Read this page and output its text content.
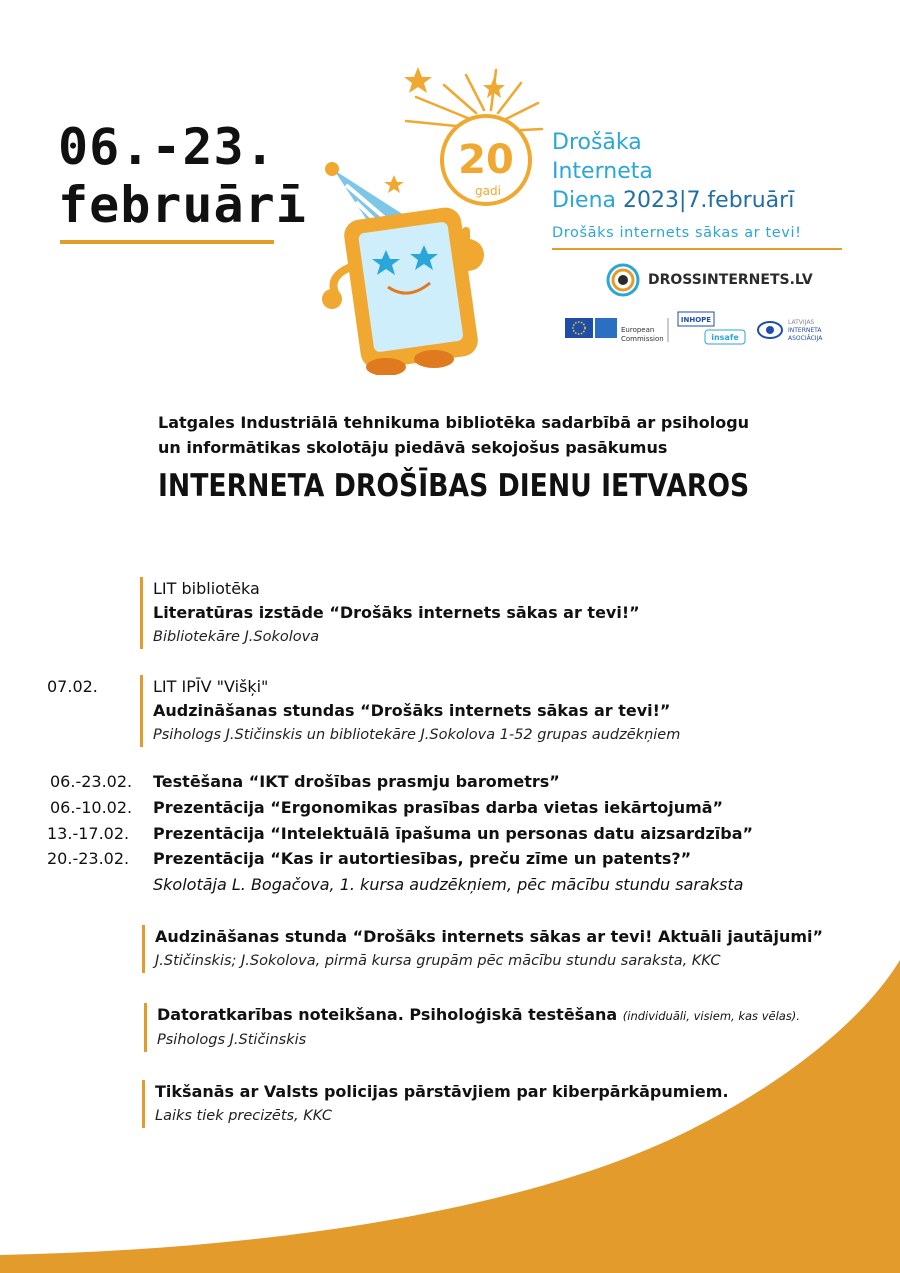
06.-23.
februārī
20
gadi
Drošāka
Interneta
Diena 2023|7.februārī
Drošāks internets sākas ar tevi!
DROSSINTERNETS.LV
European
Commission
INHOPE
insafe
LATVIJAS
INTERNETA
ASOCIĀCIJA
Latgales Industriālā tehnikuma bibliotēka sadarbībā ar psihologu
un informātikas skolotāju piedāvā sekojošus pasākumus
INTERNETA DROŠĪBAS DIENU IETVAROS
LIT bibliotēka
Literatūras izstāde “Drošāks internets sākas ar tevi!”
Bibliotekāre J.Sokolova
07.02.	LIT IPĪV "Višķi"
Audzināšanas stundas “Drošāks internets sākas ar tevi!”
Psihologs J.Stičinskis un bibliotekāre J.Sokolova 1-52 grupas audzēkņiem
06.-23.02. Testēšana “IKT drošības prasmju barometrs”
06.-10.02. Prezentācija “Ergonomikas prasības darba vietas iekārtojumā”
13.-17.02. Prezentācija “Intelektuālā īpašuma un personas datu aizsardzība”
20.-23.02. Prezentācija “Kas ir autortiesības, preču zīme un patents?”
Skolotāja L. Bogačova, 1. kursa audzēkņiem, pēc mācību stundu saraksta
Audzināšanas stunda “Drošāks internets sākas ar tevi! Aktuāli jautājumi”
J.Stičinskis; J.Sokolova, pirmā kursa grupām pēc mācību stundu saraksta, KKC
Datoratkarības noteikšana. Psiholoģiskā testēšana (individuāli, visiem, kas vēlas).
Psihologs J.Stičinskis
Tikšanās ar Valsts policijas pārstāvjiem par kiberpārkāpumiem.
Laiks tiek precizēts, KKC
